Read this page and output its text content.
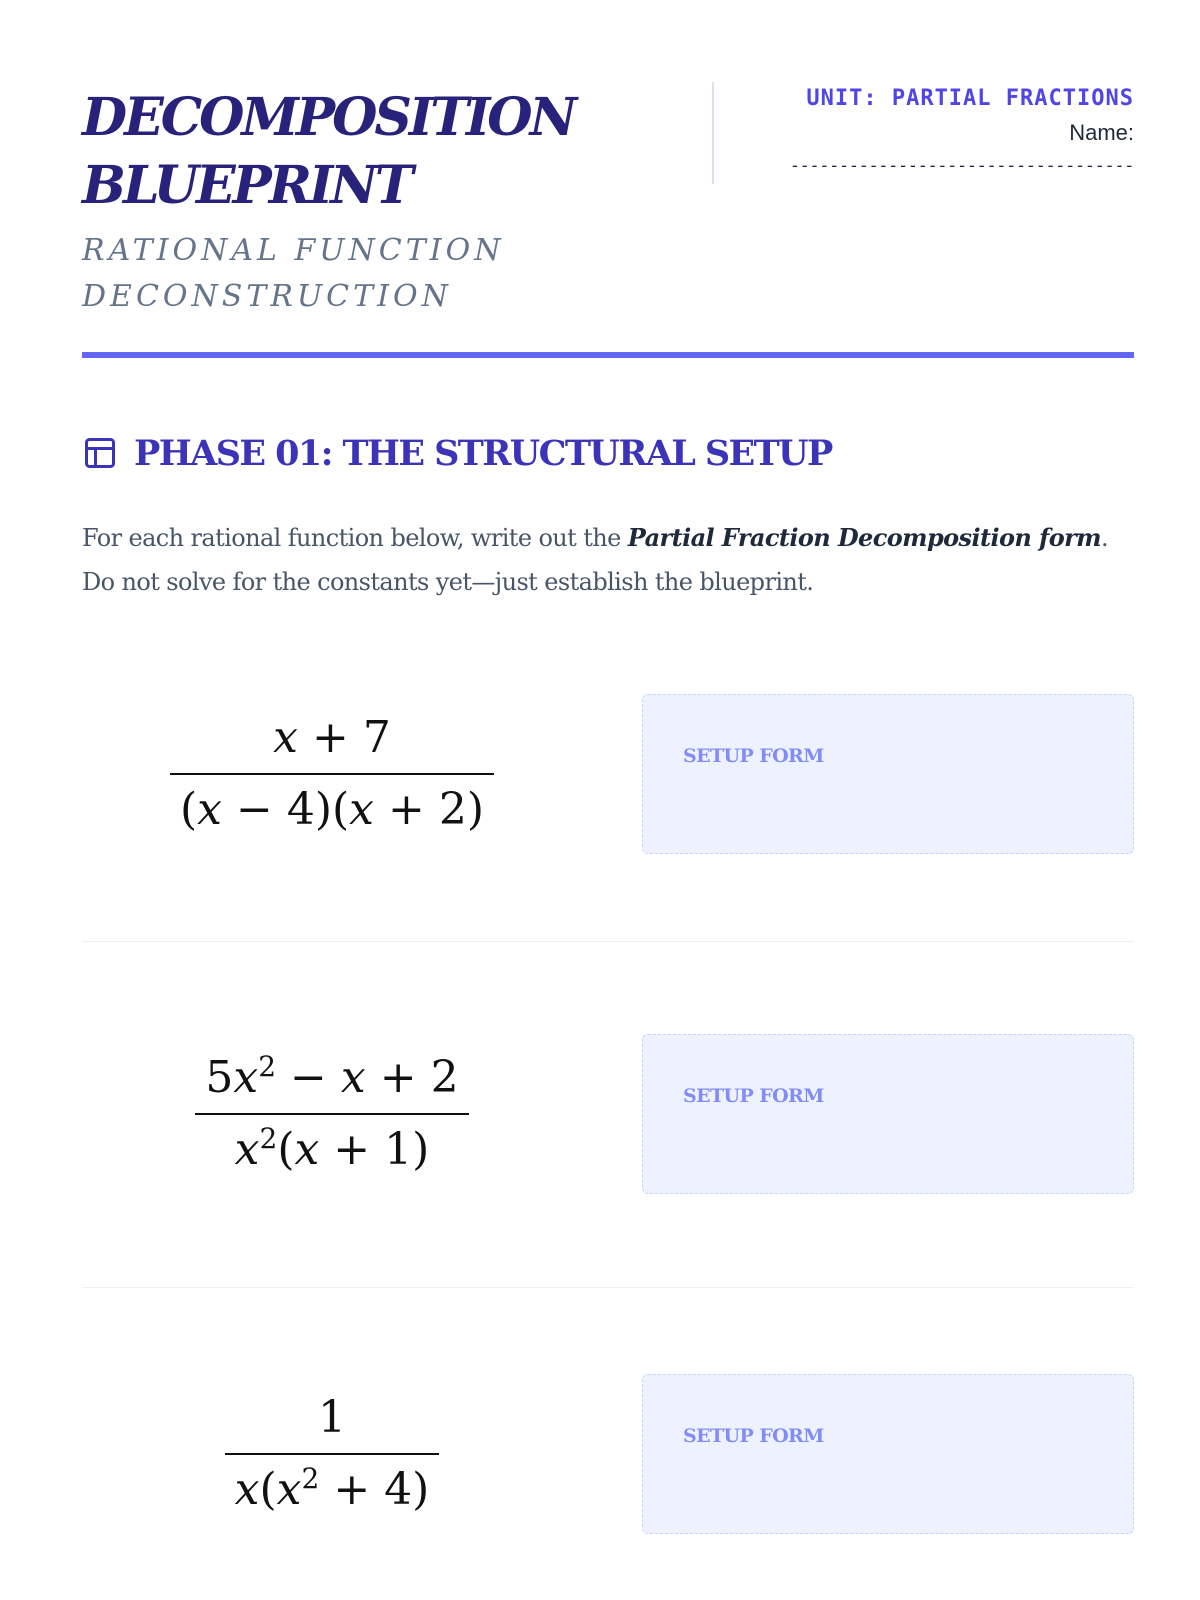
DECOMPOSITION
BLUEPRINT
RATIONAL FUNCTION
DECONSTRUCTION
UNIT: PARTIAL FRACTIONS
Name:
-----------------------------------
PHASE 01: THE STRUCTURAL SETUP
For each rational function below, write out the Partial Fraction Decomposition form. Do not solve for the constants yet—just establish the blueprint.
$\frac{x + 7}{(x - 4)(x + 2)}$	SETUP FORM
$\frac{5x^2 - x + 2}{x^2(x + 1)}$	SETUP FORM
$\frac{1}{x(x^2 + 4)}$	SETUP FORM
